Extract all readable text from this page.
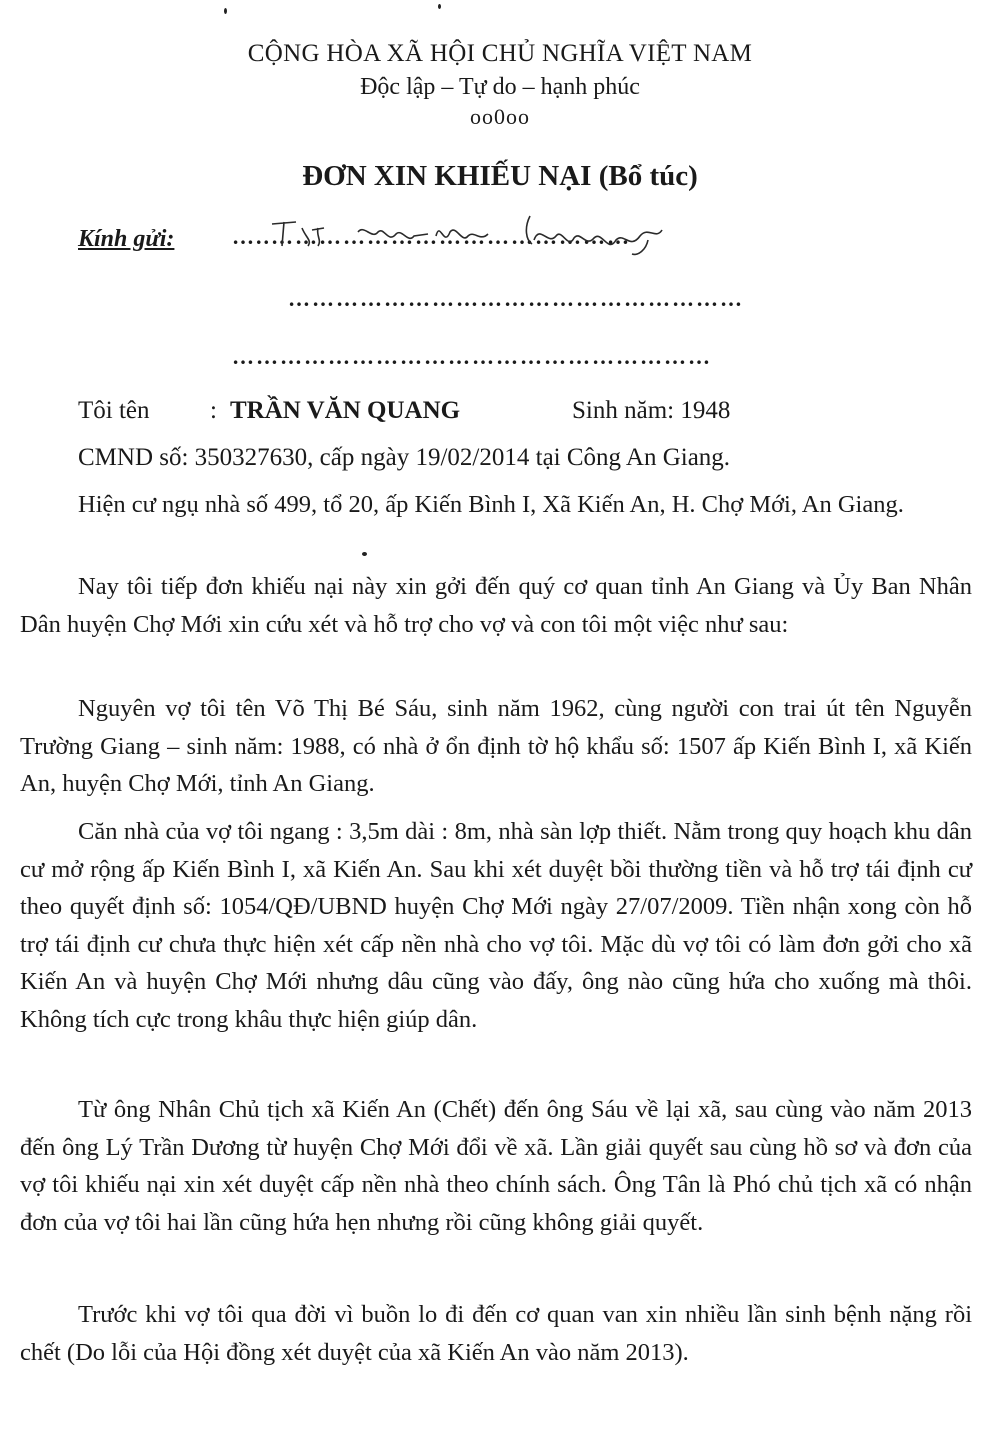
CỘNG HÒA XÃ HỘI CHỦ NGHĨA VIỆT NAM
Độc lập – Tự do – hạnh phúc
oo0oo
ĐƠN XIN KHIẾU NẠI (Bổ túc)
Kính gửi:	…..………………………………………
…………………………………………………
……………………………………………………
Tôi tên : TRẦN VĂN QUANG	Sinh năm: 1948
CMND số: 350327630, cấp ngày 19/02/2014 tại Công An Giang.

Hiện cư ngụ nhà số 499, tổ 20, ấp Kiến Bình I, Xã Kiến An, H. Chợ Mới, An Giang.

Nay tôi tiếp đơn khiếu nại này xin gởi đến quý cơ quan tỉnh An Giang và Ủy Ban Nhân Dân huyện Chợ Mới xin cứu xét và hỗ trợ cho vợ và con tôi một việc như sau:

Nguyên vợ tôi tên Võ Thị Bé Sáu, sinh năm 1962, cùng người con trai út tên Nguyễn Trường Giang – sinh năm: 1988, có nhà ở ổn định tờ hộ khẩu số: 1507 ấp Kiến Bình I, xã Kiến An, huyện Chợ Mới, tỉnh An Giang.

Căn nhà của vợ tôi ngang : 3,5m dài : 8m, nhà sàn lợp thiết. Nằm trong quy hoạch khu dân cư mở rộng ấp Kiến Bình I, xã Kiến An. Sau khi xét duyệt bồi thường tiền và hỗ trợ tái định cư theo quyết định số: 1054/QĐ/UBND huyện Chợ Mới ngày 27/07/2009. Tiền nhận xong còn hỗ trợ tái định cư chưa thực hiện xét cấp nền nhà cho vợ tôi. Mặc dù vợ tôi có làm đơn gởi cho xã Kiến An và huyện Chợ Mới nhưng dâu cũng vào đấy, ông nào cũng hứa cho xuống mà thôi. Không tích cực trong khâu thực hiện giúp dân.

Từ ông Nhân Chủ tịch xã Kiến An (Chết) đến ông Sáu về lại xã, sau cùng vào năm 2013 đến ông Lý Trần Dương từ huyện Chợ Mới đổi về xã. Lần giải quyết sau cùng hồ sơ và đơn của vợ tôi khiếu nại xin xét duyệt cấp nền nhà theo chính sách. Ông Tân là Phó chủ tịch xã có nhận đơn của vợ tôi hai lần cũng hứa hẹn nhưng rồi cũng không giải quyết.

Trước khi vợ tôi qua đời vì buồn lo đi đến cơ quan van xin nhiều lần sinh bệnh nặng rồi chết (Do lỗi của Hội đồng xét duyệt của xã Kiến An vào năm 2013).
